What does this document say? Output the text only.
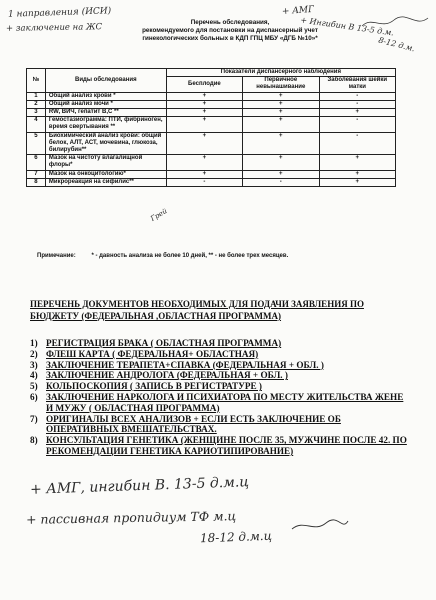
1 направления (ИСИ)
+ заключение на ЖС
+ AMГ
+ Ингибин В 13-5 д.м.
8-12 д.м.
Перечень обследования,
рекомендуемого для постановки на диспансерный учет
гинекологических больных в КДП ГПЦ МБУ «ДГБ №10»*
№	Виды обследования	Показатели диспансерного наблюдения		
		Бесплодие	Первичное невынашивание	Заболевания шейки матки
1	Общий анализ крови *	+	+	-
2	Общий анализ мочи *	+	+	-
3	RW, ВИЧ, гепатит В,С **	+	+	+
4	Гемостазиограмма: ПТИ, фибриноген, время свертывания **	+	+	-
5	Биохимический анализ крови: общий белок, АЛТ, АСТ, мочевина, глюкоза, билирубин**	+	+	-
6	Мазок на чистоту влагалищной флоры*	+	+	+
7	Мазок на онкоцитологию*	+	+	+
8	Микрореакция на сифилис**	-	-	+
Грей
Примечание:	* - давность анализа не более 10 дней, ** - не более трех месяцев.
ПЕРЕЧЕНЬ ДОКУМЕНТОВ НЕОБХОДИМЫХ ДЛЯ ПОДАЧИ ЗАЯВЛЕНИЯ ПО БЮДЖЕТУ (ФЕДЕРАЛЬНАЯ ,ОБЛАСТНАЯ ПРОГРАММА)
1) РЕГИСТРАЦИЯ БРАКА ( ОБЛАСТНАЯ ПРОГРАММА)
2) ФЛЕШ КАРТА ( ФЕДЕРАЛЬНАЯ+ ОБЛАСТНАЯ)
3) ЗАКЛЮЧЕНИЕ ТЕРАПЕТА+СПАВКА (ФЕДЕРАЛЬНАЯ + ОБЛ. )
4) ЗАКЛЮЧЕНИЕ АНДРОЛОГА (ФЕДЕРАЛЬНАЯ + ОБЛ. )
5) КОЛЬПОСКОПИЯ ( ЗАПИСЬ В РЕГИСТРАТУРЕ )
6) ЗАКЛЮЧЕНИЕ НАРКОЛОГА И ПСИХИАТОРА ПО МЕСТУ ЖИТЕЛЬСТВА ЖЕНЕ И МУЖУ ( ОБЛАСТНАЯ ПРОГРАММА)
7) ОРИГИНАЛЫ ВСЕХ АНАЛИЗОВ + ЕСЛИ ЕСТЬ ЗАКЛЮЧЕНИЕ ОБ ОПЕРАТИВНЫХ ВМЕШАТЕЛЬСТВАХ.
8) КОНСУЛЬТАЦИЯ ГЕНЕТИКА (ЖЕНЩИНЕ ПОСЛЕ 35, МУЖЧИНЕ ПОСЛЕ 42. ПО РЕКОМЕНДАЦИИ ГЕНЕТИКА КАРИОТИПИРОВАНИЕ)
+ АМГ, ингибин В. 13-5 д.м.ц
+ пассивная пропидиум ТФ м.ц
18-12 д.м.ц
